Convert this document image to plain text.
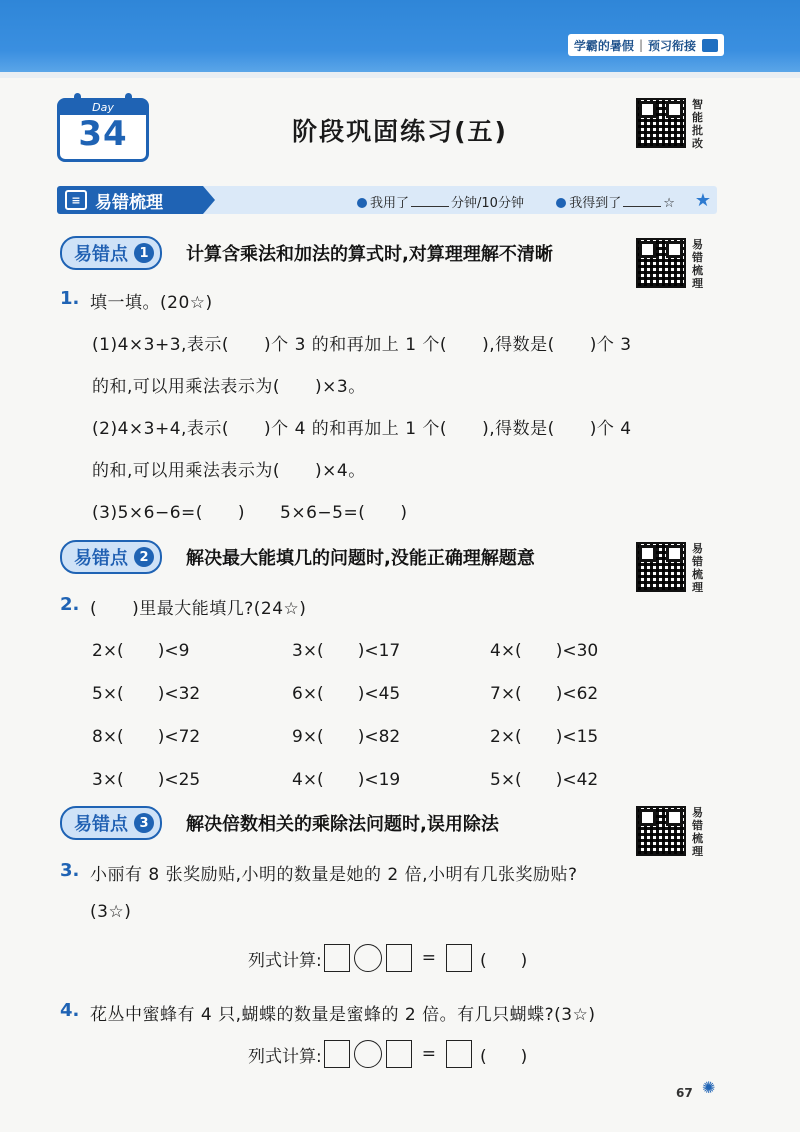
学霸的暑假 | 预习衔接
Day
34	阶段巩固练习(五)
智能批改
≡ 易错梳理	我用了	分钟/10分钟	我得到了	☆ ★
易错点 1	计算含乘法和加法的算式时,对算理理解不清晰	易错梳理
1. 填一填。(20☆)
(1)4×3+3,表示(　　)个 3 的和再加上 1 个(　　),得数是(　　)个 3
的和,可以用乘法表示为(　　)×3。
(2)4×3+4,表示(　　)个 4 的和再加上 1 个(　　),得数是(　　)个 4
的和,可以用乘法表示为(　　)×4。
(3)5×6−6=(　　)　　5×6−5=(　　)
易错点 2	解决最大能填几的问题时,没能正确理解题意	易错梳理
2. (　　)里最大能填几?(24☆)
2×(　　)<9	3×(　　)<17	4×(　　)<30
5×(　　)<32	6×(　　)<45	7×(　　)<62
8×(　　)<72	9×(　　)<82	2×(　　)<15
3×(　　)<25	4×(　　)<19	5×(　　)<42
易错点 3	解决倍数相关的乘除法问题时,误用除法
易错梳理
3. 小丽有 8 张奖励贴,小明的数量是她的 2 倍,小明有几张奖励贴?
(3☆)
列式计算:	=	(　　)
4. 花丛中蜜蜂有 4 只,蝴蝶的数量是蜜蜂的 2 倍。有几只蝴蝶?(3☆)
列式计算:	=	(　　)
67 ✺
